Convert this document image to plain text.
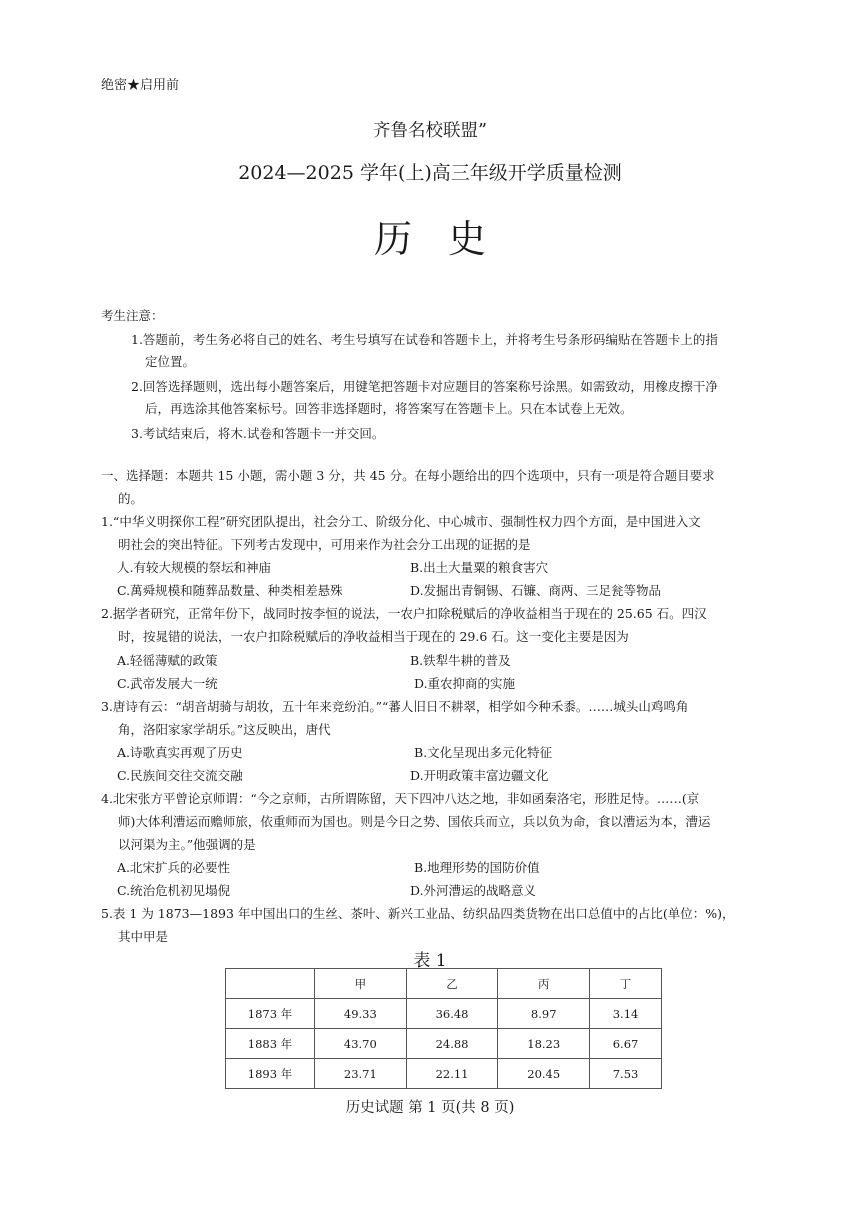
绝密★启用前
齐鲁名校联盟”
2024—2025 学年(上)高三年级开学质量检测
历史
考生注意：
1.答题前，考生务必将自己的姓名、考生号填写在试卷和答题卡上，并将考生号条形码编贴在答题卡上的指
定位置。
2.回答选择题则，选出每小题答案后，用键笔把答题卡对应题目的答案称号涂黑。如需致动，用橡皮擦干净
后，再选涂其他答案标号。回答非选择题时，将答案写在答题卡上。只在本试卷上无效。
3.考试结束后，将木.试卷和答题卡一并交回。
一、选择题：本题共 15 小题，需小题 3 分，共 45 分。在每小题给出的四个选项中，只有一项是符合题目要求
的。
1.“中华义明探你工程”研究团队提出，社会分工、阶级分化、中心城市、强制性权力四个方面，是中国进入文
明社会的突出特征。下列考古发现中，可用来作为社会分工出现的证据的是
人.有较大规模的祭坛和神庙	B.出土大量粟的粮食害穴
C.萬舜规模和随葬品数量、种类相差悬殊	D.发掘出青铜锡、石镰、商两、三足瓮等物品
2.据学者研究，正常年份下，战同时按李恒的说法，一农户扣除税赋后的净收益相当于现在的 25.65 石。四汉
时，按晁错的说法，一农户扣除税赋后的净收益相当于现在的 29.6 石。这一变化主要是因为
A.轻徭薄赋的政策	B.铁犁牛耕的普及
C.武帝发展大一统	D.重农抑商的实施
3.唐诗有云：“胡音胡骑与胡妆，五十年来竞纷泊。”“蕃人旧日不耕翠，相学如今种禾黍。……城头山鸡鸣角
角，洛阳家家学胡乐。”这反映出，唐代
A.诗歌真实再观了历史	B.文化呈现出多元化特征
C.民族间交往交流交融	D.开明政策丰富边疆文化
4.北宋张方平曾论京师谓：“今之京师，古所谓陈留，天下四冲八达之地，非如函秦洛宅，形胜足恃。……(京
师)大体利漕运而赡师旅，依重师而为国也。则是今日之势、国依兵而立，兵以负为命，食以漕运为本，漕运
以河渠为主。”他强调的是
A.北宋扩兵的必要性	B.地理形势的国防价值
C.统治危机初见塌倪	D.外河漕运的战略意义
5.表 1 为 1873—1893 年中国出口的生丝、茶叶、新兴工业品、纺织品四类货物在出口总值中的占比(单位：%)，
其中甲是
表 1
	甲	乙	丙	丁
1873 年	49.33	36.48	8.97	3.14
1883 年	43.70	24.88	18.23	6.67
1893 年	23.71	22.11	20.45	7.53
历史试题 第 1 页(共 8 页)
